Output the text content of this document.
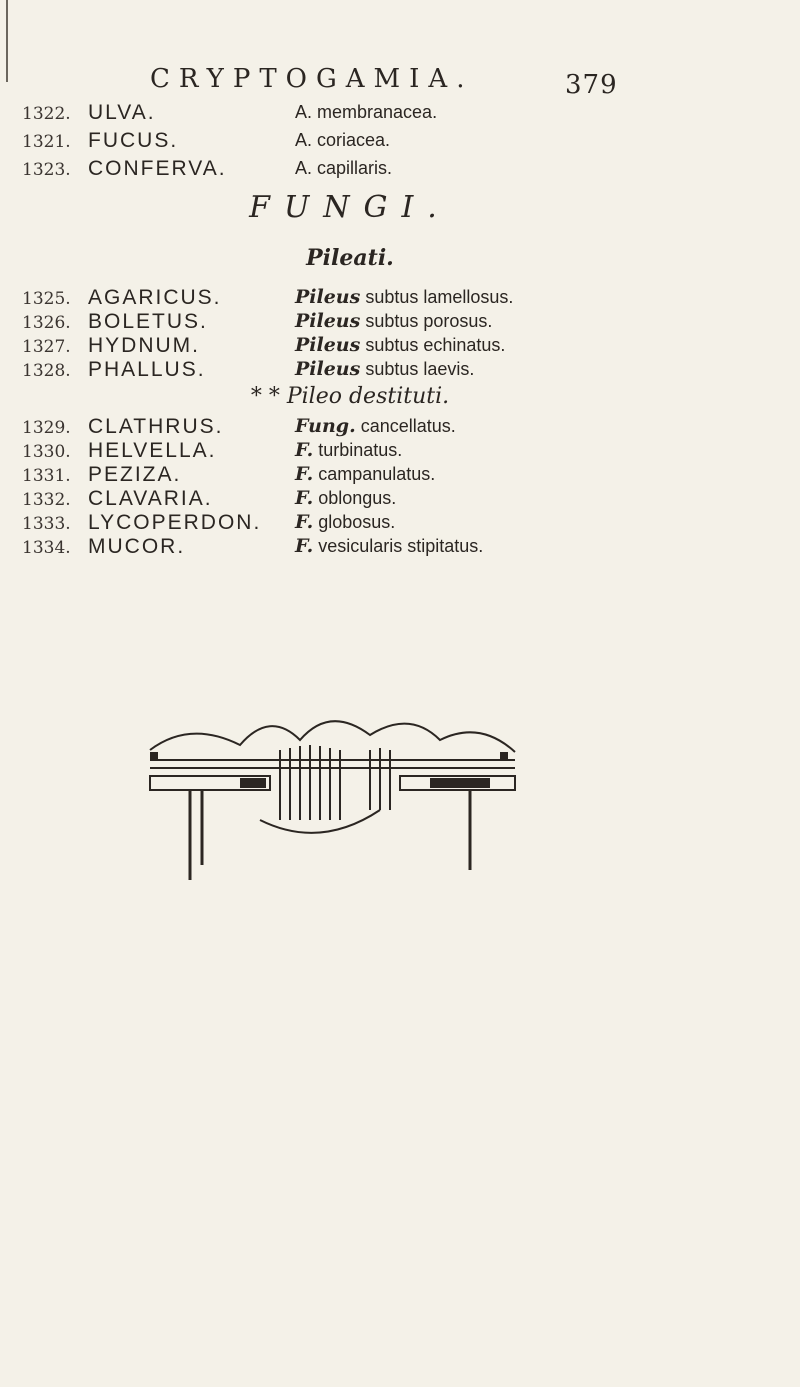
CRYPTOGAMIA.	379
1322. ULVA.	A. membranacea.
1321. FUCUS.	A. coriacea.
1323. CONFERVA.	A. capillaris.
FUNGI.
Pileati.
1325. AGARICUS.	Pileus subtus lamellosus.
1326. BOLETUS.	Pileus subtus porosus.
1327. HYDNUM.	Pileus subtus echinatus.
1328. PHALLUS.	Pileus subtus laevis.
* * Pileo destituti.
1329. CLATHRUS.	Fung. cancellatus.
1330. HELVELLA.	F. turbinatus.
1331. PEZIZA.	F. campanulatus.
1332. CLAVARIA.	F. oblongus.
1333. LYCOPERDON. F. globosus.
1334. MUCOR.	F. vesicularis stipitatus.
